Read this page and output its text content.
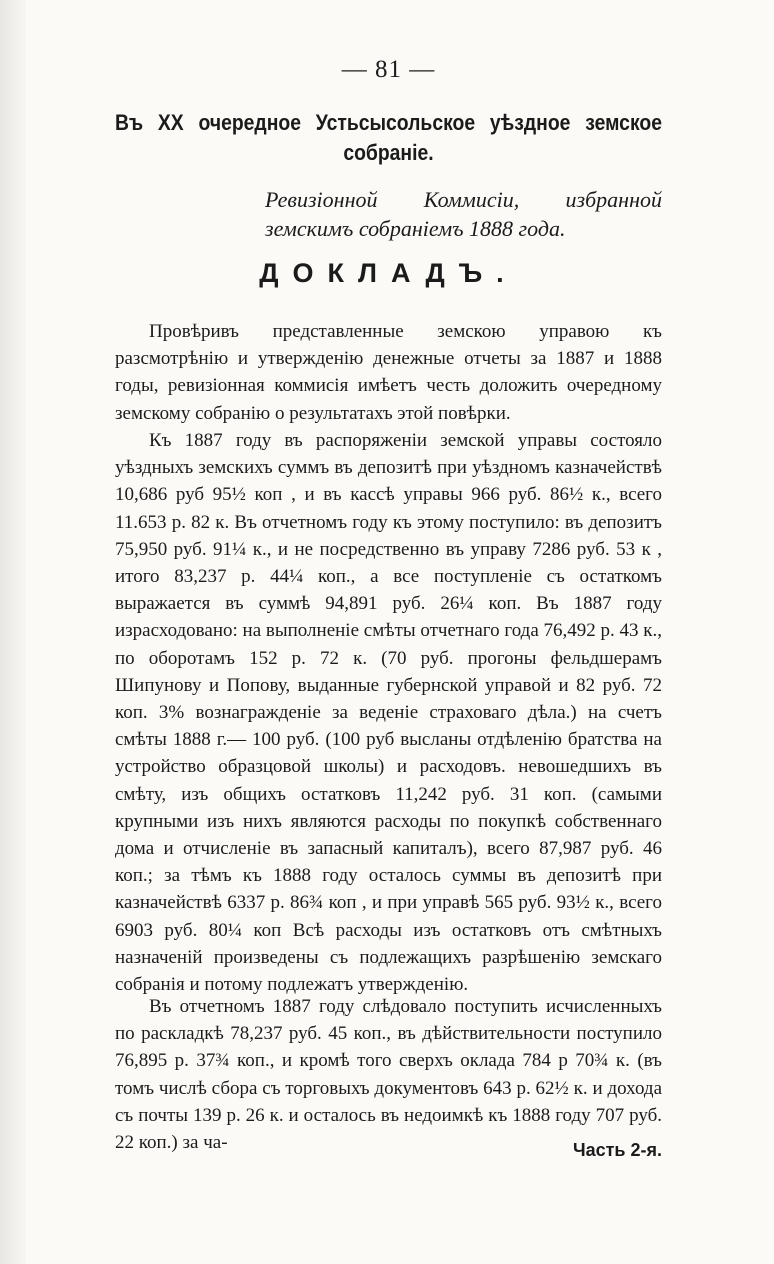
— 81 —
Въ XX очередное Устьсысольское уѣздное земское собраніе.
Ревизіонной Коммисіи, избранной земскимъ собраніемъ 1888 года.
ДОКЛАДЪ.

Провѣривъ представленные земскою управою къ разсмотрѣнію и утвержденію денежные отчеты за 1887 и 1888 годы, ревизіонная коммисія имѣетъ честь доложить очередному земскому собранію о результатахъ этой повѣрки.

Къ 1887 году въ распоряженіи земской управы состояло уѣздныхъ земскихъ суммъ въ депозитѣ при уѣздномъ казначействѣ 10,686 руб 95½ коп , и въ кассѣ управы 966 руб. 86½ к., всего 11.653 р. 82 к. Въ отчетномъ году къ этому поступило: въ депозитъ 75,950 руб. 91¼ к., и не посредственно въ управу 7286 руб. 53 к , итого 83,237 р. 44¼ коп., а все поступленіе съ остаткомъ выражается въ суммѣ 94,891 руб. 26¼ коп. Въ 1887 году израсходовано: на выполненіе смѣты отчетнаго года 76,492 р. 43 к., по оборотамъ 152 р. 72 к. (70 руб. прогоны фельдшерамъ Шипунову и Попову, выданные губернской управой и 82 руб. 72 коп. 3% вознагражденіе за веденіе страховаго дѣла.) на счетъ смѣты 1888 г.— 100 руб. (100 руб высланы отдѣленію братства на устройство образцовой школы) и расходовъ. невошедшихъ въ смѣту, изъ общихъ остатковъ 11,242 руб. 31 коп. (самыми крупными изъ нихъ являются расходы по покупкѣ собственнаго дома и отчисленіе въ запасный капиталъ), всего 87,987 руб. 46 коп.; за тѣмъ къ 1888 году осталось суммы въ депозитѣ при казначействѣ 6337 р. 86¾ коп , и при управѣ 565 руб. 93½ к., всего 6903 руб. 80¼ коп Всѣ расходы изъ остатковъ отъ смѣтныхъ назначеній произведены съ подлежащихъ разрѣшенію земскаго собранія и потому подлежатъ утвержденію.

Въ отчетномъ 1887 году слѣдовало поступить исчисленныхъ по раскладкѣ 78,237 руб. 45 коп., въ дѣйствительности поступило 76,895 р. 37¾ коп., и кромѣ того сверхъ оклада 784 р 70¾ к. (въ томъ числѣ сбора съ торговыхъ документовъ 643 р. 62½ к. и дохода съ почты 139 р. 26 к. и осталось въ недоимкѣ къ 1888 году 707 руб. 22 коп.) за ча-	Часть 2-я.
